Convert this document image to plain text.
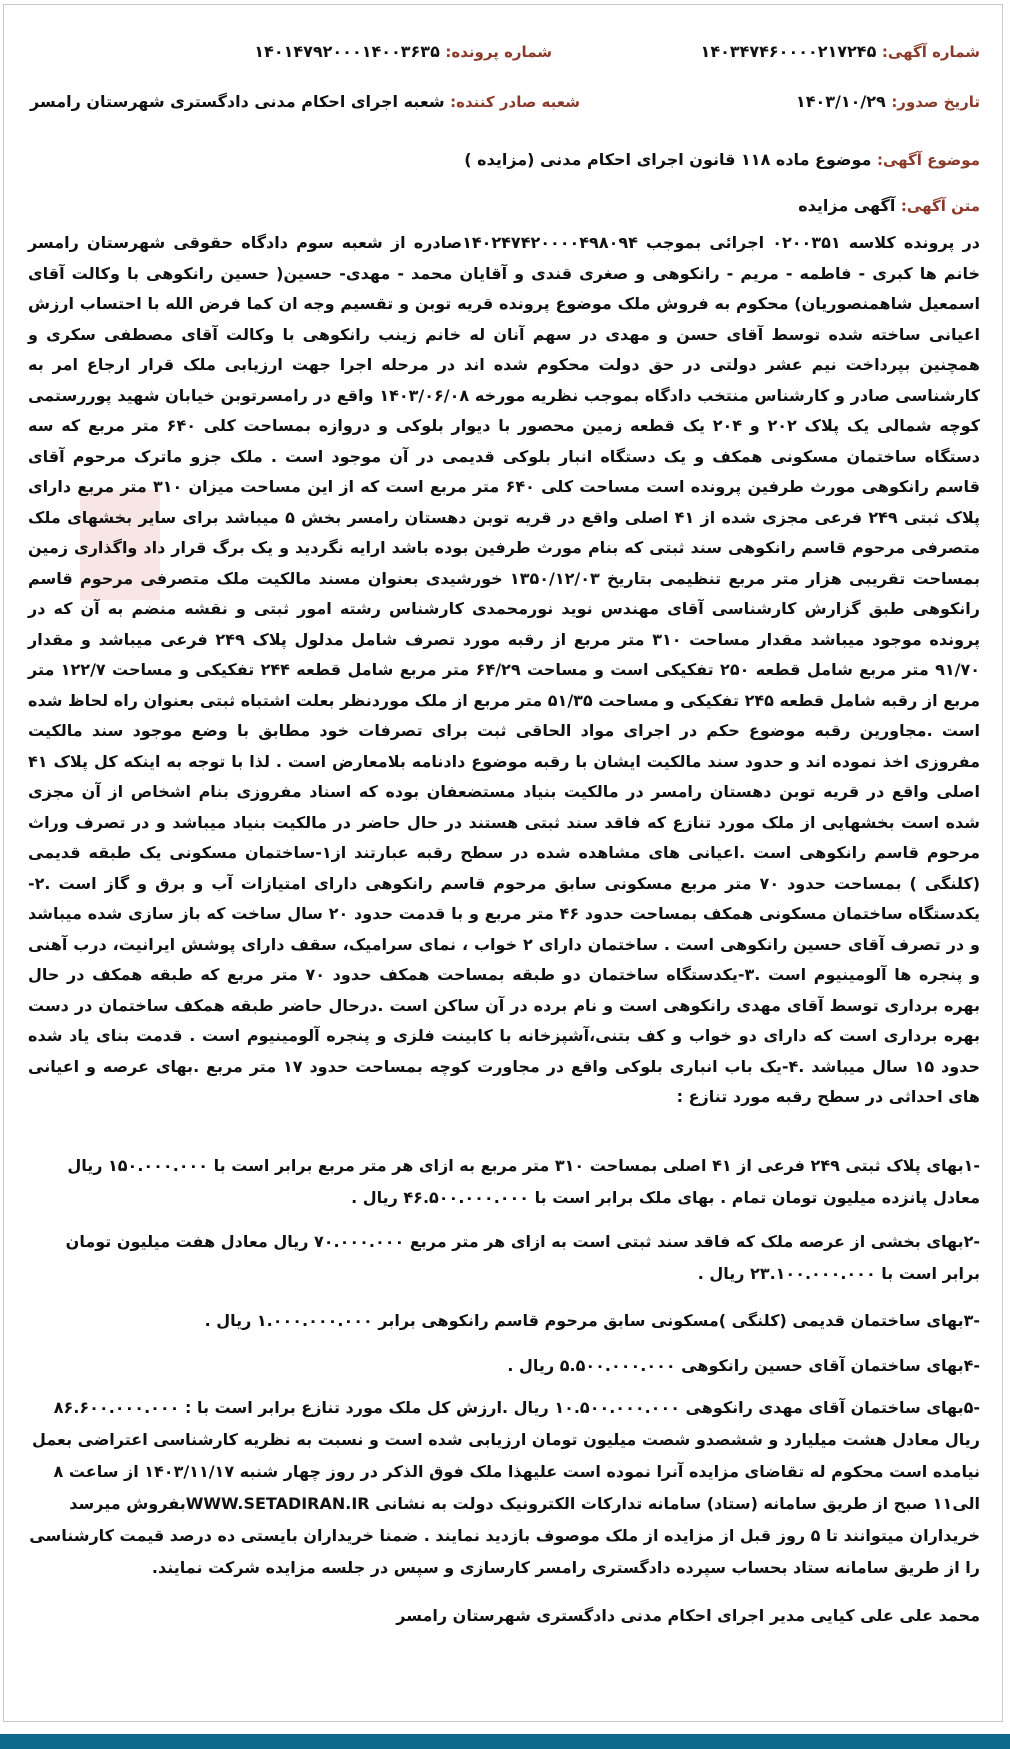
شماره آگهی: ۱۴۰۳۴۷۴۶۰۰۰۰۲۱۷۲۴۵
شماره پرونده: ۱۴۰۱۴۷۹۲۰۰۰۱۴۰۰۳۶۳۵
تاریخ صدور: ۱۴۰۳/۱۰/۲۹
شعبه صادر کننده: شعبه اجرای احکام مدنی دادگستری شهرستان رامسر
موضوع آگهی: موضوع ماده ۱۱۸ قانون اجرای احکام مدنی (مزایده )
متن آگهی: آگهی مزایده
در پرونده کلاسه ۰۲۰۰۳۵۱ اجرائی بموجب ۱۴۰۲۴۷۴۲۰۰۰۰۴۹۸۰۹۴صادره از شعبه سوم دادگاه حقوقی شهرستان رامسر خانم ها کبری - فاطمه - مریم - رانکوهی و صغری قندی و آقایان محمد - مهدی- حسین( حسین رانکوهی با وکالت آقای اسمعیل شاهمنصوریان) محکوم به فروش ملک موضوع پرونده قریه توبن و تقسیم وجه ان کما فرض الله با احتساب ارزش اعیانی ساخته شده توسط آقای حسن و مهدی در سهم آنان له خانم زینب رانکوهی با وکالت آقای مصطفی سکری و همچنین بپرداخت نیم عشر دولتی در حق دولت محکوم شده اند در مرحله اجرا جهت ارزیابی ملک قرار ارجاع امر به کارشناسی صادر و کارشناس منتخب دادگاه بموجب نظریه مورخه ۱۴۰۳/۰۶/۰۸ واقع در رامسرتوبن خیابان شهید پوررستمی کوچه شمالی یک پلاک ۲۰۲ و ۲۰۴ یک قطعه زمین محصور با دیوار بلوکی و دروازه بمساحت کلی ۶۴۰ متر مربع که سه دستگاه ساختمان مسکونی همکف و یک دستگاه انبار بلوکی قدیمی در آن موجود است . ملک جزو ماترک مرحوم آقای قاسم رانکوهی مورث طرفین پرونده است مساحت کلی ۶۴۰ متر مربع است که از این مساحت میزان ۳۱۰ متر مربع دارای پلاک ثبتی ۲۴۹ فرعی مجزی شده از ۴۱ اصلی واقع در قریه توبن دهستان رامسر بخش ۵ میباشد برای سایر بخشهای ملک متصرفی مرحوم قاسم رانکوهی سند ثبتی که بنام مورث طرفین بوده باشد ارایه نگردید و یک برگ قرار داد واگذاری زمین بمساحت تقریبی هزار متر مربع تنظیمی بتاریخ ۱۳۵۰/۱۲/۰۳ خورشیدی بعنوان مسند مالکیت ملک متصرفی مرحوم قاسم رانکوهی طبق گزارش کارشناسی آقای مهندس نوید نورمحمدی کارشناس رشته امور ثبتی و نقشه منضم به آن که در پرونده موجود میباشد مقدار مساحت ۳۱۰ متر مربع از رقبه مورد تصرف شامل مدلول پلاک ۲۴۹ فرعی میباشد و مقدار ۹۱/۷۰ متر مربع شامل قطعه ۲۵۰ تفکیکی است و مساحت ۶۴/۲۹ متر مربع شامل قطعه ۲۴۴ تفکیکی و مساحت ۱۲۲/۷ متر مربع از رقبه شامل قطعه ۲۴۵ تفکیکی و مساحت ۵۱/۳۵ متر مربع از ملک موردنظر بعلت اشتباه ثبتی بعنوان راه لحاظ شده است .مجاورین رقبه موضوع حکم در اجرای مواد الحاقی ثبت برای تصرفات خود مطابق با وضع موجود سند مالکیت مفروزی اخذ نموده اند و حدود سند مالکیت ایشان با رقبه موضوع دادنامه بلامعارض است . لذا با توجه به اینکه کل پلاک ۴۱ اصلی واقع در قریه توبن دهستان رامسر در مالکیت بنیاد مستضعفان بوده که اسناد مفروزی بنام اشخاص از آن مجزی شده است بخشهایی از ملک مورد تنازع که فاقد سند ثبتی هستند در حال حاضر در مالکیت بنیاد میباشد و در تصرف وراث مرحوم قاسم رانکوهی است .اعیانی های مشاهده شده در سطح رقبه عبارتند از۱-ساختمان مسکونی یک طبقه قدیمی (کلنگی ) بمساحت حدود ۷۰ متر مربع مسکونی سابق مرحوم قاسم رانکوهی دارای امتیازات آب و برق و گاز است .۲-یکدستگاه ساختمان مسکونی همکف بمساحت حدود ۴۶ متر مربع و با قدمت حدود ۲۰ سال ساخت که باز سازی شده میباشد و در تصرف آقای حسین رانکوهی است . ساختمان دارای ۲ خواب ، نمای سرامیک، سقف دارای پوشش ایرانیت، درب آهنی و پنجره ها آلومینیوم است .۳-یکدستگاه ساختمان دو طبقه بمساحت همکف حدود ۷۰ متر مربع که طبقه همکف در حال بهره برداری توسط آقای مهدی رانکوهی است و نام برده در آن ساکن است .درحال حاضر طبقه همکف ساختمان در دست بهره برداری است که دارای دو خواب و کف بتنی،آشپزخانه با کابینت فلزی و پنجره آلومینیوم است . قدمت بنای یاد شده حدود ۱۵ سال میباشد .۴-یک باب انباری بلوکی واقع در مجاورت کوچه بمساحت حدود ۱۷ متر مربع .بهای عرصه و اعیانی های احداثی در سطح رقبه مورد تنازع :
-۱بهای پلاک ثبتی ۲۴۹ فرعی از ۴۱ اصلی بمساحت ۳۱۰ متر مربع به ازای هر متر مربع برابر است با ۱۵۰.۰۰۰.۰۰۰ ریال معادل پانزده میلیون تومان تمام . بهای ملک برابر است با ۴۶.۵۰۰.۰۰۰.۰۰۰ ریال .
-۲بهای بخشی از عرصه ملک که فاقد سند ثبتی است به ازای هر متر مربع ۷۰.۰۰۰.۰۰۰ ریال معادل هفت میلیون تومان برابر است با ۲۳.۱۰۰.۰۰۰.۰۰۰ ریال .
-۳بهای ساختمان قدیمی (کلنگی )مسکونی سابق مرحوم قاسم رانکوهی برابر ۱.۰۰۰.۰۰۰.۰۰۰ ریال .
-۴بهای ساختمان آقای حسین رانکوهی ۵.۵۰۰.۰۰۰.۰۰۰ ریال .
-۵بهای ساختمان آقای مهدی رانکوهی ۱۰.۵۰۰.۰۰۰.۰۰۰ ریال .ارزش کل ملک مورد تنازع برابر است با : ۸۶.۶۰۰.۰۰۰.۰۰۰ ریال معادل هشت میلیارد و ششصدو شصت میلیون تومان ارزیابی شده است و نسبت به نظریه کارشناسی اعتراضی بعمل نیامده است محکوم له تقاضای مزایده آنرا نموده است علیهذا ملک فوق الذکر در روز چهار شنبه ۱۴۰۳/۱۱/۱۷ از ساعت ۸ الی۱۱ صبح از طریق سامانه (ستاد) سامانه تدارکات الکترونیک دولت به نشانی WWW.SETADIRAN.IRبفروش میرسد خریداران میتوانند تا ۵ روز قبل از مزایده از ملک موصوف بازدید نمایند . ضمنا خریداران بایستی ده درصد قیمت کارشناسی را از طریق سامانه ستاد بحساب سپرده دادگستری رامسر کارسازی و سپس در جلسه مزایده شرکت نمایند.
محمد علی علی کیایی مدیر اجرای احکام مدنی دادگستری شهرستان رامسر
